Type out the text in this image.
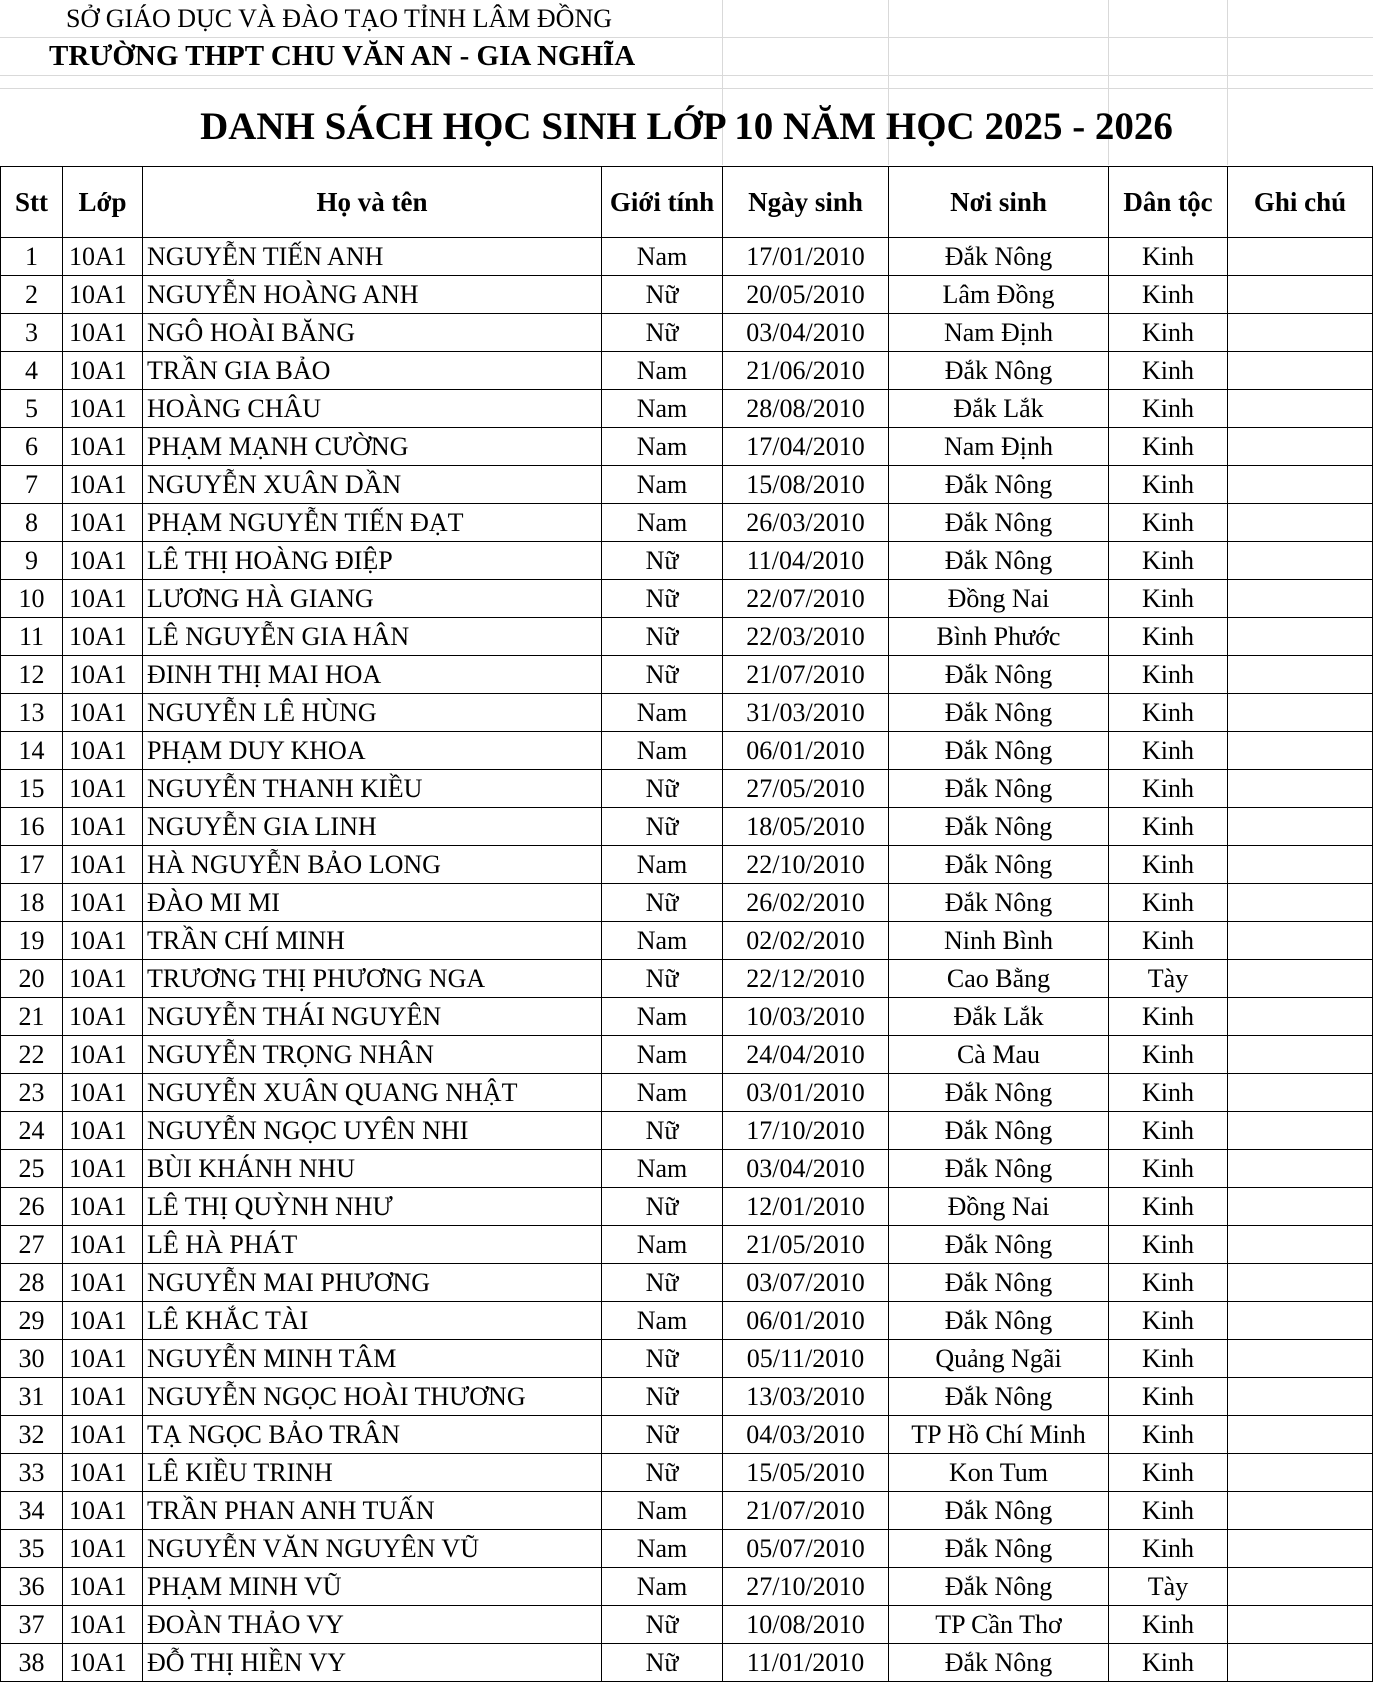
SỞ GIÁO DỤC VÀ ĐÀO TẠO TỈNH LÂM ĐỒNG
TRƯỜNG THPT CHU VĂN AN - GIA NGHĨA
DANH SÁCH HỌC SINH LỚP 10 NĂM HỌC 2025 - 2026
Stt	Lớp	Họ và tên	Giới tính	Ngày sinh	Nơi sinh	Dân tộc	Ghi chú
1	10A1	NGUYỄN TIẾN ANH	Nam	17/01/2010	Đắk Nông	Kinh	
2	10A1	NGUYỄN HOÀNG ANH	Nữ	20/05/2010	Lâm Đồng	Kinh	
3	10A1	NGÔ HOÀI BĂNG	Nữ	03/04/2010	Nam Định	Kinh	
4	10A1	TRẦN GIA BẢO	Nam	21/06/2010	Đắk Nông	Kinh	
5	10A1	HOÀNG CHÂU	Nam	28/08/2010	Đắk Lắk	Kinh	
6	10A1	PHẠM MẠNH CƯỜNG	Nam	17/04/2010	Nam Định	Kinh	
7	10A1	NGUYỄN XUÂN DẦN	Nam	15/08/2010	Đắk Nông	Kinh	
8	10A1	PHẠM NGUYỄN TIẾN ĐẠT	Nam	26/03/2010	Đắk Nông	Kinh	
9	10A1	LÊ THỊ HOÀNG ĐIỆP	Nữ	11/04/2010	Đắk Nông	Kinh	
10	10A1	LƯƠNG HÀ GIANG	Nữ	22/07/2010	Đồng Nai	Kinh	
11	10A1	LÊ NGUYỄN GIA HÂN	Nữ	22/03/2010	Bình Phước	Kinh	
12	10A1	ĐINH THỊ MAI HOA	Nữ	21/07/2010	Đắk Nông	Kinh	
13	10A1	NGUYỄN LÊ HÙNG	Nam	31/03/2010	Đắk Nông	Kinh	
14	10A1	PHẠM DUY KHOA	Nam	06/01/2010	Đắk Nông	Kinh	
15	10A1	NGUYỄN THANH KIỀU	Nữ	27/05/2010	Đắk Nông	Kinh	
16	10A1	NGUYỄN GIA LINH	Nữ	18/05/2010	Đắk Nông	Kinh	
17	10A1	HÀ NGUYỄN BẢO LONG	Nam	22/10/2010	Đắk Nông	Kinh	
18	10A1	ĐÀO MI MI	Nữ	26/02/2010	Đắk Nông	Kinh	
19	10A1	TRẦN CHÍ MINH	Nam	02/02/2010	Ninh Bình	Kinh	
20	10A1	TRƯƠNG THỊ PHƯƠNG NGA	Nữ	22/12/2010	Cao Bằng	Tày	
21	10A1	NGUYỄN THÁI NGUYÊN	Nam	10/03/2010	Đắk Lắk	Kinh	
22	10A1	NGUYỄN TRỌNG NHÂN	Nam	24/04/2010	Cà Mau	Kinh	
23	10A1	NGUYỄN XUÂN QUANG NHẬT	Nam	03/01/2010	Đắk Nông	Kinh	
24	10A1	NGUYỄN NGỌC UYÊN NHI	Nữ	17/10/2010	Đắk Nông	Kinh	
25	10A1	BÙI KHÁNH NHU	Nam	03/04/2010	Đắk Nông	Kinh	
26	10A1	LÊ THỊ QUỲNH NHƯ	Nữ	12/01/2010	Đồng Nai	Kinh	
27	10A1	LÊ HÀ PHÁT	Nam	21/05/2010	Đắk Nông	Kinh	
28	10A1	NGUYỄN MAI PHƯƠNG	Nữ	03/07/2010	Đắk Nông	Kinh	
29	10A1	LÊ KHẮC TÀI	Nam	06/01/2010	Đắk Nông	Kinh	
30	10A1	NGUYỄN MINH TÂM	Nữ	05/11/2010	Quảng Ngãi	Kinh	
31	10A1	NGUYỄN NGỌC HOÀI THƯƠNG	Nữ	13/03/2010	Đắk Nông	Kinh	
32	10A1	TẠ NGỌC BẢO TRÂN	Nữ	04/03/2010	TP Hồ Chí Minh	Kinh	
33	10A1	LÊ KIỀU TRINH	Nữ	15/05/2010	Kon Tum	Kinh	
34	10A1	TRẦN PHAN ANH TUẤN	Nam	21/07/2010	Đắk Nông	Kinh	
35	10A1	NGUYỄN VĂN NGUYÊN VŨ	Nam	05/07/2010	Đắk Nông	Kinh	
36	10A1	PHẠM MINH VŨ	Nam	27/10/2010	Đắk Nông	Tày	
37	10A1	ĐOÀN THẢO VY	Nữ	10/08/2010	TP Cần Thơ	Kinh	
38	10A1	ĐỖ THỊ HIỀN VY	Nữ	11/01/2010	Đắk Nông	Kinh	
